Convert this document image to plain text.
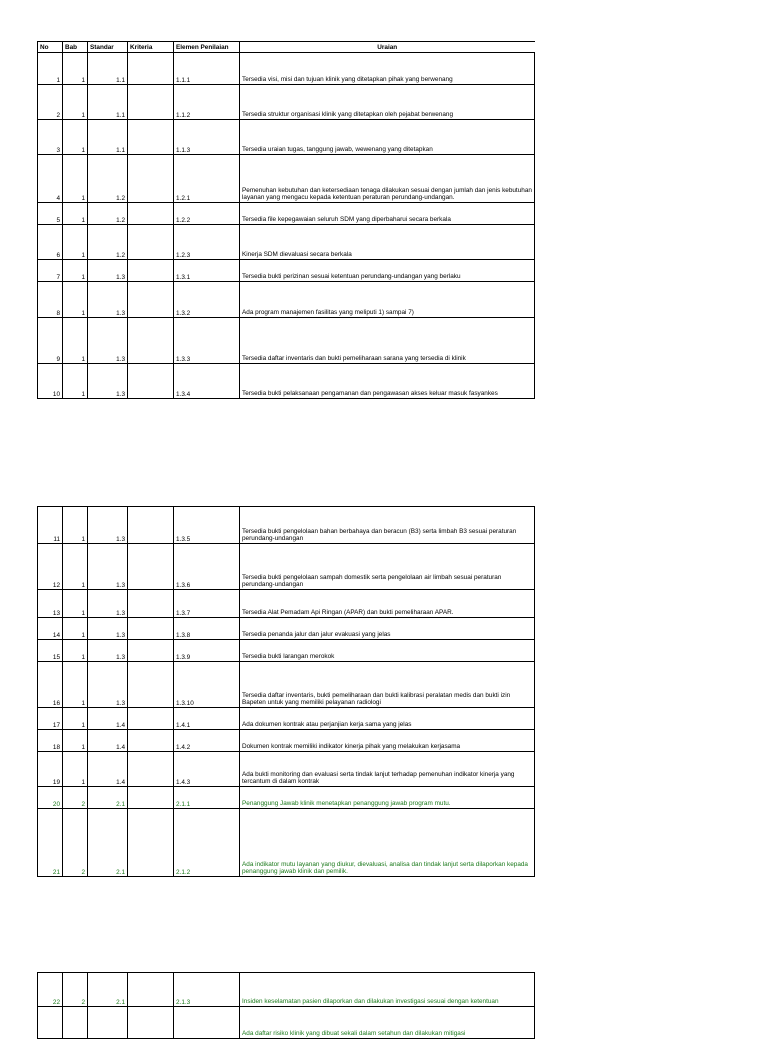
No	Bab	Standar	Kriteria	Elemen Penilaian	Uraian
1	1	1.1		1.1.1	Tersedia visi, misi dan tujuan klinik yang ditetapkan pihak yang berwenang
2	1	1.1		1.1.2	Tersedia struktur organisasi klinik yang ditetapkan oleh pejabat berwenang
3	1	1.1		1.1.3	Tersedia uraian tugas, tanggung jawab, wewenang yang ditetapkan
4	1	1.2		1.2.1	Pemenuhan kebutuhan dan ketersediaan tenaga dilakukan sesuai dengan jumlah dan jenis kebutuhan layanan yang mengacu kepada ketentuan peraturan perundang-undangan.
5	1	1.2		1.2.2	Tersedia file kepegawaian seluruh SDM yang diperbaharui secara berkala
6	1	1.2		1.2.3	Kinerja SDM dievaluasi secara berkala
7	1	1.3		1.3.1	Tersedia bukti perizinan sesuai ketentuan perundang-undangan yang berlaku
8	1	1.3		1.3.2	Ada program manajemen fasilitas yang meliputi 1) sampai 7)
9	1	1.3		1.3.3	Tersedia daftar inventaris dan bukti pemeliharaan sarana yang tersedia di klinik
10	1	1.3		1.3.4	Tersedia bukti pelaksanaan pengamanan dan pengawasan akses keluar masuk fasyankes
11	1	1.3		1.3.5	Tersedia bukti pengelolaan bahan berbahaya dan beracun (B3) serta limbah B3 sesuai peraturan perundang-undangan
12	1	1.3		1.3.6	Tersedia bukti pengelolaan sampah domestik serta pengelolaan air limbah sesuai peraturan perundang-undangan
13	1	1.3		1.3.7	Tersedia Alat Pemadam Api Ringan (APAR) dan bukti pemeliharaan APAR.
14	1	1.3		1.3.8	Tersedia penanda jalur dan jalur evakuasi yang jelas
15	1	1.3		1.3.9	Tersedia bukti larangan merokok
16	1	1.3		1.3.10	Tersedia daftar inventaris, bukti pemeliharaan dan bukti kalibrasi peralatan medis dan bukti izin Bapeten untuk yang memiliki pelayanan radiologi
17	1	1.4		1.4.1	Ada dokumen kontrak atau perjanjian kerja sama yang jelas
18	1	1.4		1.4.2	Dokumen kontrak memiliki indikator kinerja pihak yang melakukan kerjasama
19	1	1.4		1.4.3	Ada bukti monitoring dan evaluasi serta tindak lanjut terhadap pemenuhan indikator kinerja yang tercantum di dalam kontrak
20	2	2.1		2.1.1	Penanggung Jawab klinik menetapkan penanggung jawab program mutu.
21	2	2.1		2.1.2	Ada indikator mutu layanan yang diukur, dievaluasi, analisa dan tindak lanjut serta dilaporkan kepada penanggung jawab klinik dan pemilik.
22	2	2.1		2.1.3	Insiden keselamatan pasien dilaporkan dan dilakukan investigasi sesuai dengan ketentuan
					Ada daftar risiko klinik yang dibuat sekali dalam setahun dan dilakukan mitigasi
